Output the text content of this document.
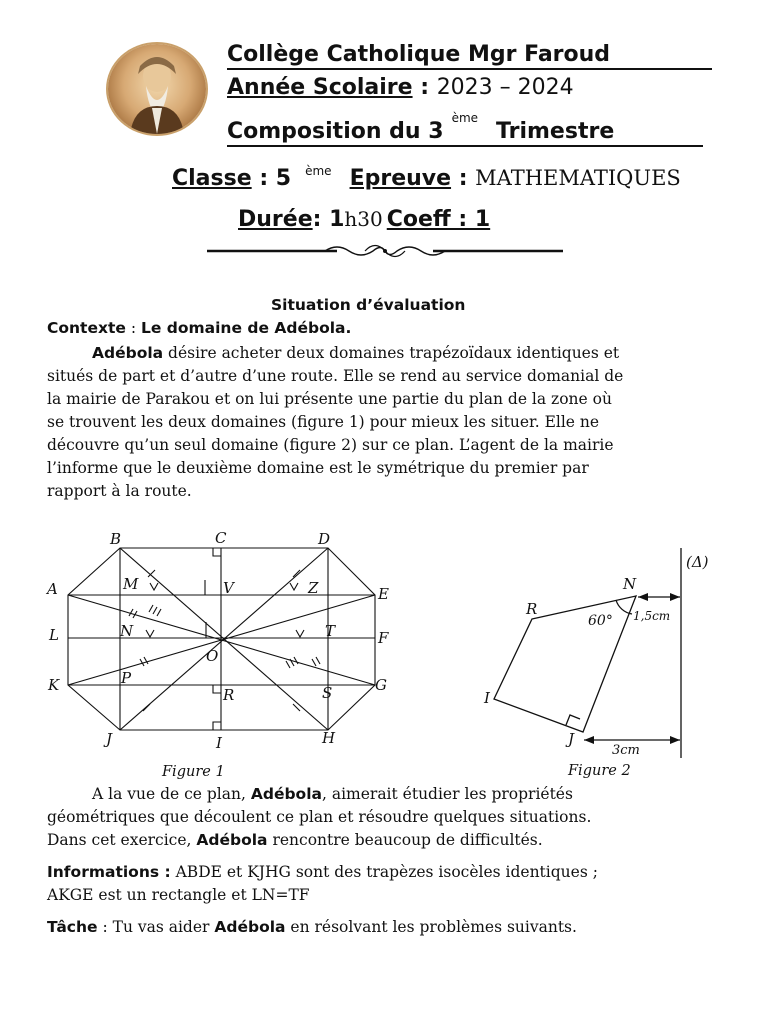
Collège Catholique Mgr Faroud
Année Scolaire : 2023 – 2024
Composition du 3èmeTrimestre
Classe : 5 $^{ème}$ Epreuve : MATHEMATIQUES
Durée: 1h30 Coeff : 1
Situation d’évaluation
Contexte : Le domaine de Adébola.
Adébola désire acheter deux domaines trapézoïdaux identiques et
situés de part et d’autre d’une route. Elle se rend au service domanial de
la mairie de Parakou et on lui présente une partie du plan de la zone où
se trouvent les deux domaines (figure 1) pour mieux les situer. Elle ne
découvre qu’un seul domaine (figure 2) sur ce plan. L’agent de la mairie
l’informe que le deuxième domaine est le symétrique du premier par
rapport à la route.
B	C	D
A	E
L	F
K	G
J	I	H
M	V	Z
N	T
O
P
R	S
Figure 1
(Δ)
N
R
I
J
60° 1,5cm
3cm
Figure 2
A la vue de ce plan, Adébola, aimerait étudier les propriétés
géométriques que découlent ce plan et résoudre quelques situations.
Dans cet exercice, Adébola rencontre beaucoup de difficultés.
Informations : ABDE et KJHG sont des trapèzes isocèles identiques ;
AKGE est un rectangle et LN=TF
Tâche : Tu vas aider Adébola en résolvant les problèmes suivants.
